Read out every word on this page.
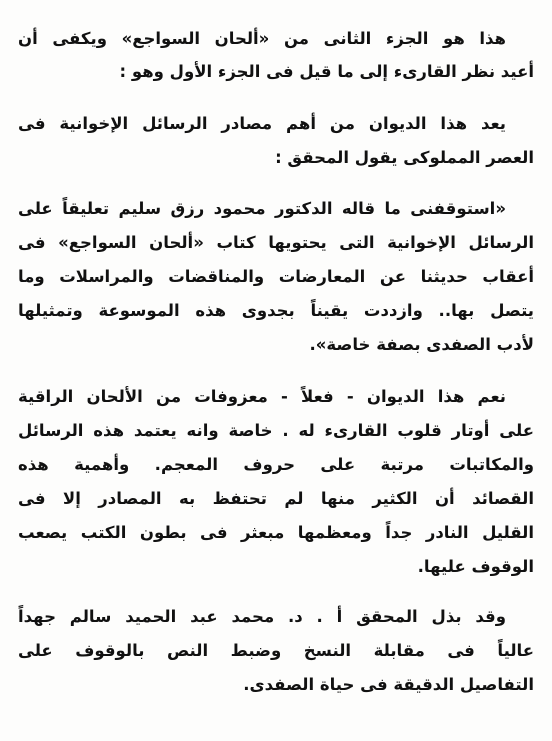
هذا هو الجزء الثانى من «ألحان السواجع» ويكفى أن
أعيد نظر القارىء إلى ما قيل فى الجزء الأول وهو :
يعد هذا الديوان من أهم مصادر الرسائل الإخوانية فى
العصر المملوكى يقول المحقق :
«استوقفنى ما قاله الدكتور محمود رزق سليم تعليقاً على
الرسائل الإخوانية التى يحتويها كتاب «ألحان السواجع» فى
أعقاب حديثنا عن المعارضات والمناقضات والمراسلات وما
يتصل بها.. وازددت يقيناً بجدوى هذه الموسوعة وتمثيلها
لأدب الصفدى بصفة خاصة».
نعم هذا الديوان - فعلاً - معزوفات من الألحان الراقية
على أوتار قلوب القارىء له . خاصة وانه يعتمد هذه الرسائل
والمكاتبات مرتبة على حروف المعجم. وأهمية هذه
القصائد أن الكثير منها لم تحتفظ به المصادر إلا فى
القليل النادر جداً ومعظمها مبعثر فى بطون الكتب يصعب
الوقوف عليها.
وقد بذل المحقق أ . د. محمد عبد الحميد سالم جهداً
عالياً فى مقابلة النسخ وضبط النص بالوقوف على
التفاصيل الدقيقة فى حياة الصفدى.
